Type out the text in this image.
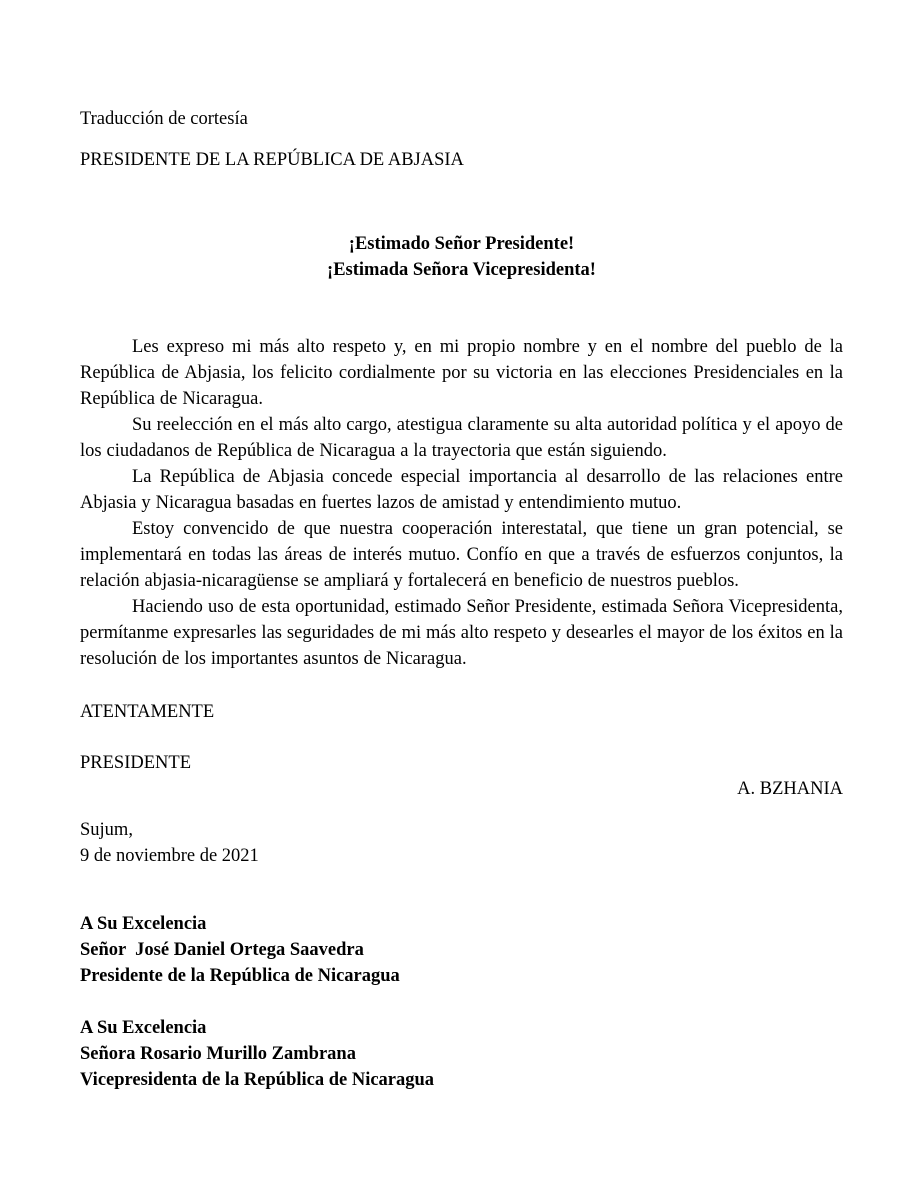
Traducción de cortesía
PRESIDENTE DE LA REPÚBLICA DE ABJASIA
¡Estimado Señor Presidente!
¡Estimada Señora Vicepresidenta!

Les expreso mi más alto respeto y, en mi propio nombre y en el nombre del pueblo de la República de Abjasia, los felicito cordialmente por su victoria en las elecciones Presidenciales en la República de Nicaragua.

Su reelección en el más alto cargo, atestigua claramente su alta autoridad política y el apoyo de los ciudadanos de República de Nicaragua a la trayectoria que están siguiendo.

La República de Abjasia concede especial importancia al desarrollo de las relaciones entre Abjasia y Nicaragua basadas en fuertes lazos de amistad y entendimiento mutuo.

Estoy convencido de que nuestra cooperación interestatal, que tiene un gran potencial, se implementará en todas las áreas de interés mutuo. Confío en que a través de esfuerzos conjuntos, la relación abjasia-nicaragüense se ampliará y fortalecerá en beneficio de nuestros pueblos.

Haciendo uso de esta oportunidad, estimado Señor Presidente, estimada Señora Vicepresidenta, permítanme expresarles las seguridades de mi más alto respeto y desearles el mayor de los éxitos en la resolución de los importantes asuntos de Nicaragua.

ATENTAMENTE
PRESIDENTE
A. BZHANIA
Sujum,
9 de noviembre de 2021
A Su Excelencia
Señor  José Daniel Ortega Saavedra
Presidente de la República de Nicaragua
A Su Excelencia
Señora Rosario Murillo Zambrana
Vicepresidenta de la República de Nicaragua
